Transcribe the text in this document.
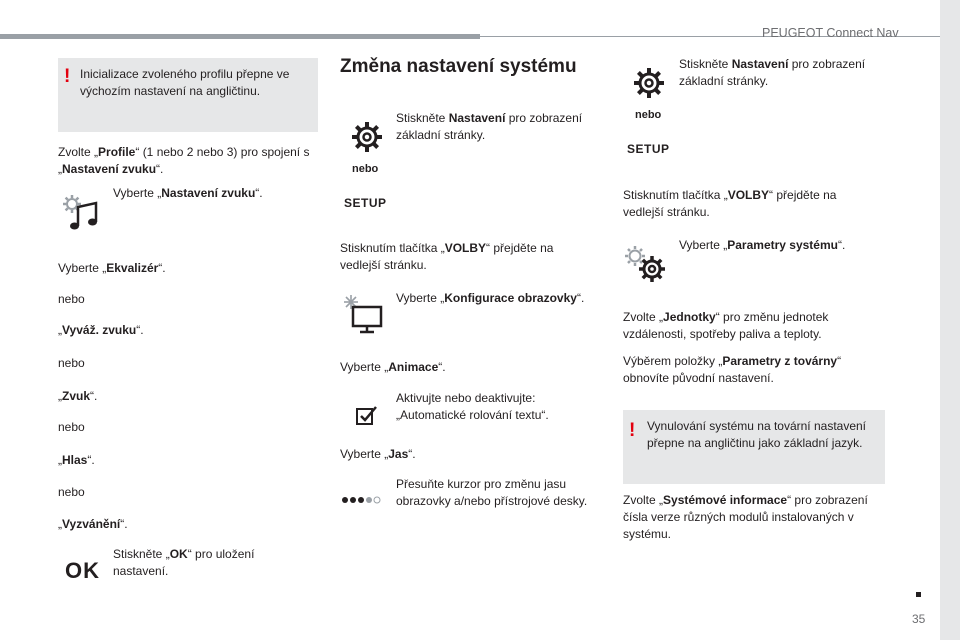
PEUGEOT Connect Nav
35
! Inicializace zvoleného profilu přepne ve výchozím nastavení na angličtinu.
Zvolte „Profile“ (1 nebo 2 nebo 3) pro spojení s „Nastavení zvuku“.
Vyberte „Nastavení zvuku“.
Vyberte „Ekvalizér“.
nebo
„Vyváž. zvuku“.
nebo
„Zvuk“.
nebo
„Hlas“.
nebo
„Vyzvánění“.
OK
Stiskněte „OK“ pro uložení nastavení.
Změna nastavení systému
Stiskněte Nastavení pro zobrazení základní stránky.
nebo
SETUP
Stisknutím tlačítka „VOLBY“ přejděte na vedlejší stránku.
Vyberte „Konfigurace obrazovky“.
Vyberte „Animace“.
Aktivujte nebo deaktivujte: „Automatické rolování textu“.
Vyberte „Jas“.
Přesuňte kurzor pro změnu jasu obrazovky a/nebo přístrojové desky.
Stiskněte Nastavení pro zobrazení základní stránky.
nebo
SETUP
Stisknutím tlačítka „VOLBY“ přejděte na vedlejší stránku.
Vyberte „Parametry systému“.
Zvolte „Jednotky“ pro změnu jednotek vzdálenosti, spotřeby paliva a teploty.
Výběrem položky „Parametry z továrny“ obnovíte původní nastavení.
! Vynulování systému na tovární nastavení přepne na angličtinu jako základní jazyk.
Zvolte „Systémové informace“ pro zobrazení čísla verze různých modulů instalovaných v systému.
